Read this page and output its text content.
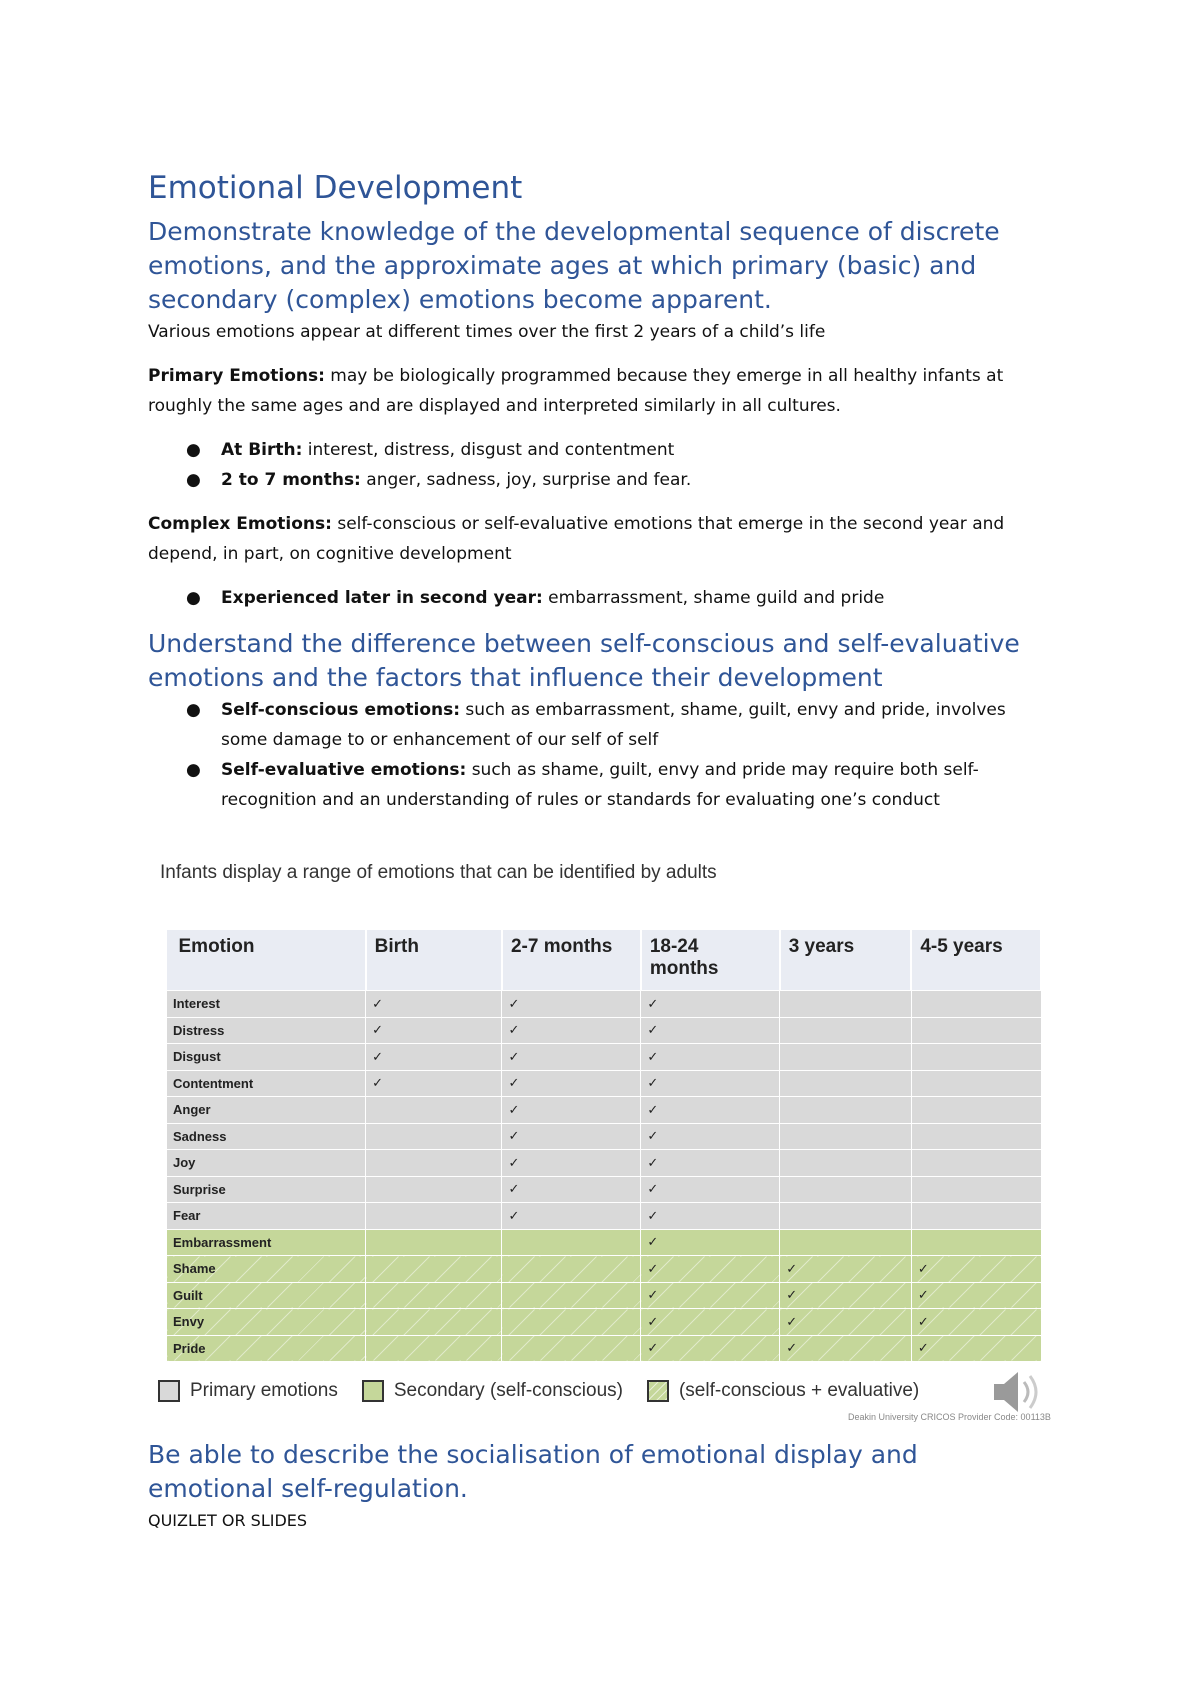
Emotional Development
Demonstrate knowledge of the developmental sequence of discrete emotions, and the approximate ages at which primary (basic) and secondary (complex) emotions become apparent.

Various emotions appear at different times over the first 2 years of a child’s life

Primary Emotions: may be biologically programmed because they emerge in all healthy infants at roughly the same ages and are displayed and interpreted similarly in all cultures.

● At Birth: interest, distress, disgust and contentment
● 2 to 7 months: anger, sadness, joy, surprise and fear.

Complex Emotions: self-conscious or self-evaluative emotions that emerge in the second year and depend, in part, on cognitive development

● Experienced later in second year: embarrassment, shame guild and pride
Understand the difference between self-conscious and self-evaluative emotions and the factors that influence their development
● Self-conscious emotions: such as embarrassment, shame, guilt, envy and pride, involves some damage to or enhancement of our self of self
● Self-evaluative emotions: such as shame, guilt, envy and pride may require both self-recognition and an understanding of rules or standards for evaluating one’s conduct
Infants display a range of emotions that can be identified by adults
Emotion	Birth	2-7 months	18-24 months	3 years	4-5 years
Interest	✓	✓	✓		
Distress	✓	✓	✓		
Disgust	✓	✓	✓		
Contentment	✓	✓	✓		
Anger		✓	✓		
Sadness		✓	✓		
Joy		✓	✓		
Surprise		✓	✓		
Fear		✓	✓		
Embarrassment			✓		
Shame			✓	✓	✓
Guilt			✓	✓	✓
Envy			✓	✓	✓
Pride			✓	✓	✓
Primary emotions	Secondary (self-conscious)	(self-conscious + evaluative)
Deakin University CRICOS Provider Code: 00113B
Be able to describe the socialisation of emotional display and emotional self-regulation.

QUIZLET OR SLIDES
